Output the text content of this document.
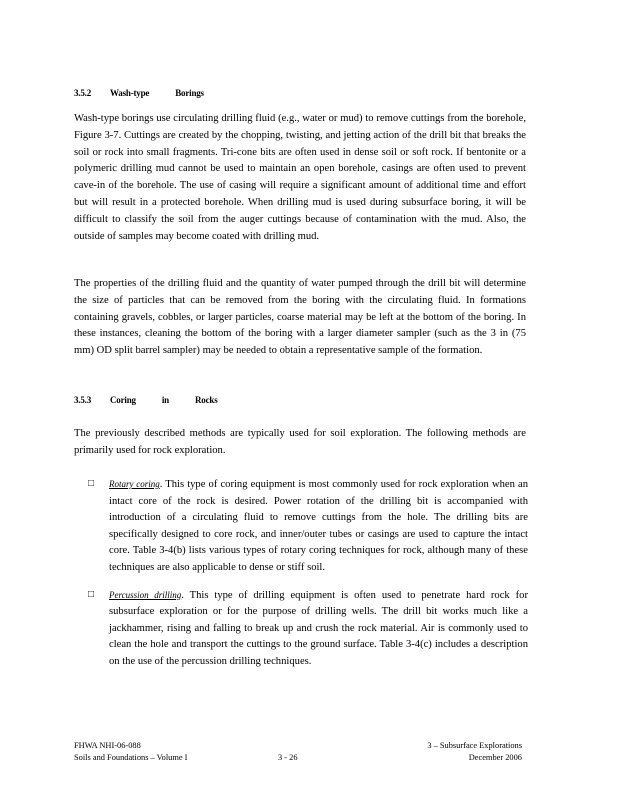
3.5.2 Wash-type Borings

Wash-type borings use circulating drilling fluid (e.g., water or mud) to remove cuttings from the borehole, Figure 3-7. Cuttings are created by the chopping, twisting, and jetting action of the drill bit that breaks the soil or rock into small fragments. Tri-cone bits are often used in dense soil or soft rock. If bentonite or a polymeric drilling mud cannot be used to maintain an open borehole, casings are often used to prevent cave-in of the borehole. The use of casing will require a significant amount of additional time and effort but will result in a protected borehole. When drilling mud is used during subsurface boring, it will be difficult to classify the soil from the auger cuttings because of contamination with the mud. Also, the outside of samples may become coated with drilling mud.

The properties of the drilling fluid and the quantity of water pumped through the drill bit will determine the size of particles that can be removed from the boring with the circulating fluid. In formations containing gravels, cobbles, or larger particles, coarse material may be left at the bottom of the boring. In these instances, cleaning the bottom of the boring with a larger diameter sampler (such as the 3 in (75 mm) OD split barrel sampler) may be needed to obtain a representative sample of the formation.

3.5.3 Coring in Rocks

The previously described methods are typically used for soil exploration. The following methods are primarily used for rock exploration.

□ Rotary coring. This type of coring equipment is most commonly used for rock exploration when an intact core of the rock is desired. Power rotation of the drilling bit is accompanied with introduction of a circulating fluid to remove cuttings from the hole. The drilling bits are specifically designed to core rock, and inner/outer tubes or casings are used to capture the intact core. Table 3-4(b) lists various types of rotary coring techniques for rock, although many of these techniques are also applicable to dense or stiff soil.
□ Percussion drilling. This type of drilling equipment is often used to penetrate hard rock for subsurface exploration or for the purpose of drilling wells. The drill bit works much like a jackhammer, rising and falling to break up and crush the rock material. Air is commonly used to clean the hole and transport the cuttings to the ground surface. Table 3-4(c) includes a description on the use of the percussion drilling techniques.
FHWA NHI-06-088
Soils and Foundations – Volume I	3 - 26
3 – Subsurface Explorations
December 2006
